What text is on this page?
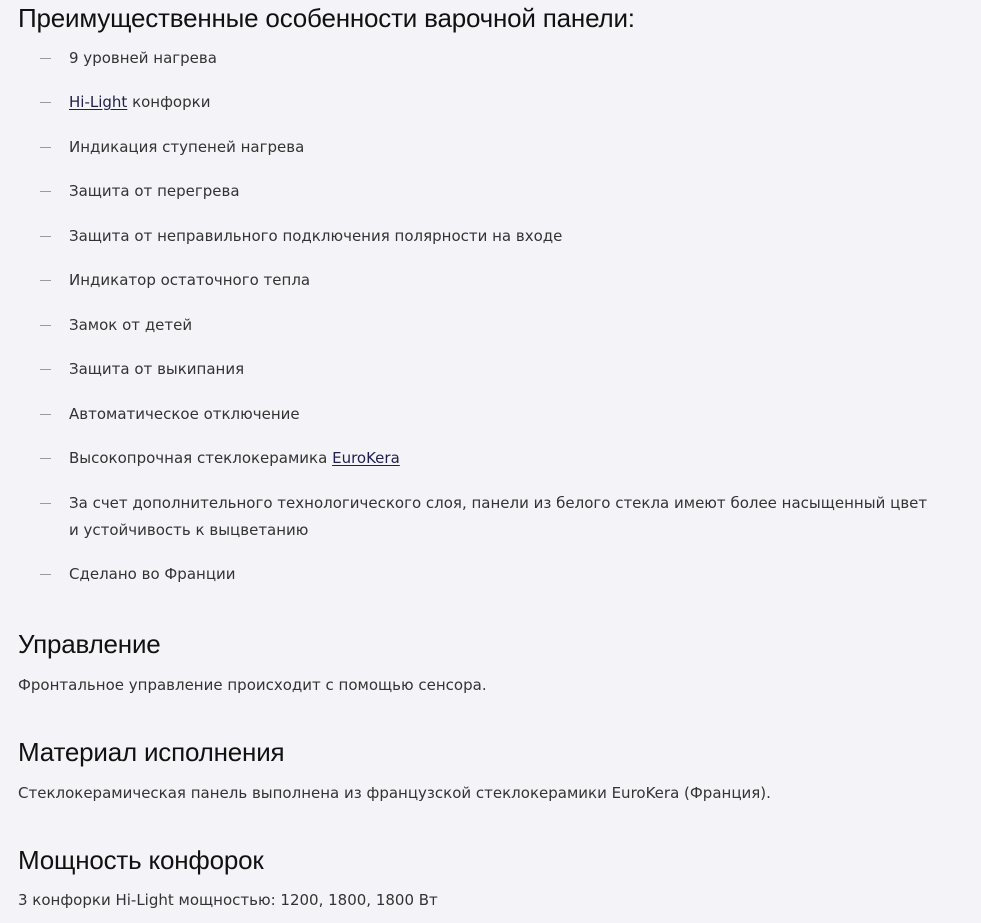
Преимущественные особенности варочной панели:
9 уровней нагрева
Hi-Light конфорки
Индикация ступеней нагрева
Защита от перегрева
Защита от неправильного подключения полярности на входе
Индикатор остаточного тепла
Замок от детей
Защита от выкипания
Автоматическое отключение
Высокопрочная стеклокерамика EuroKera
За счет дополнительного технологического слоя, панели из белого стекла имеют более насыщенный цвет и устойчивость к выцветанию
Сделано во Франции
Управление

Фронтальное управление происходит с помощью сенсора.

Материал исполнения

Стеклокерамическая панель выполнена из французской стеклокерамики EuroKera (Франция).

Мощность конфорок

3 конфорки Hi-Light мощностью: 1200, 1800, 1800 Вт
